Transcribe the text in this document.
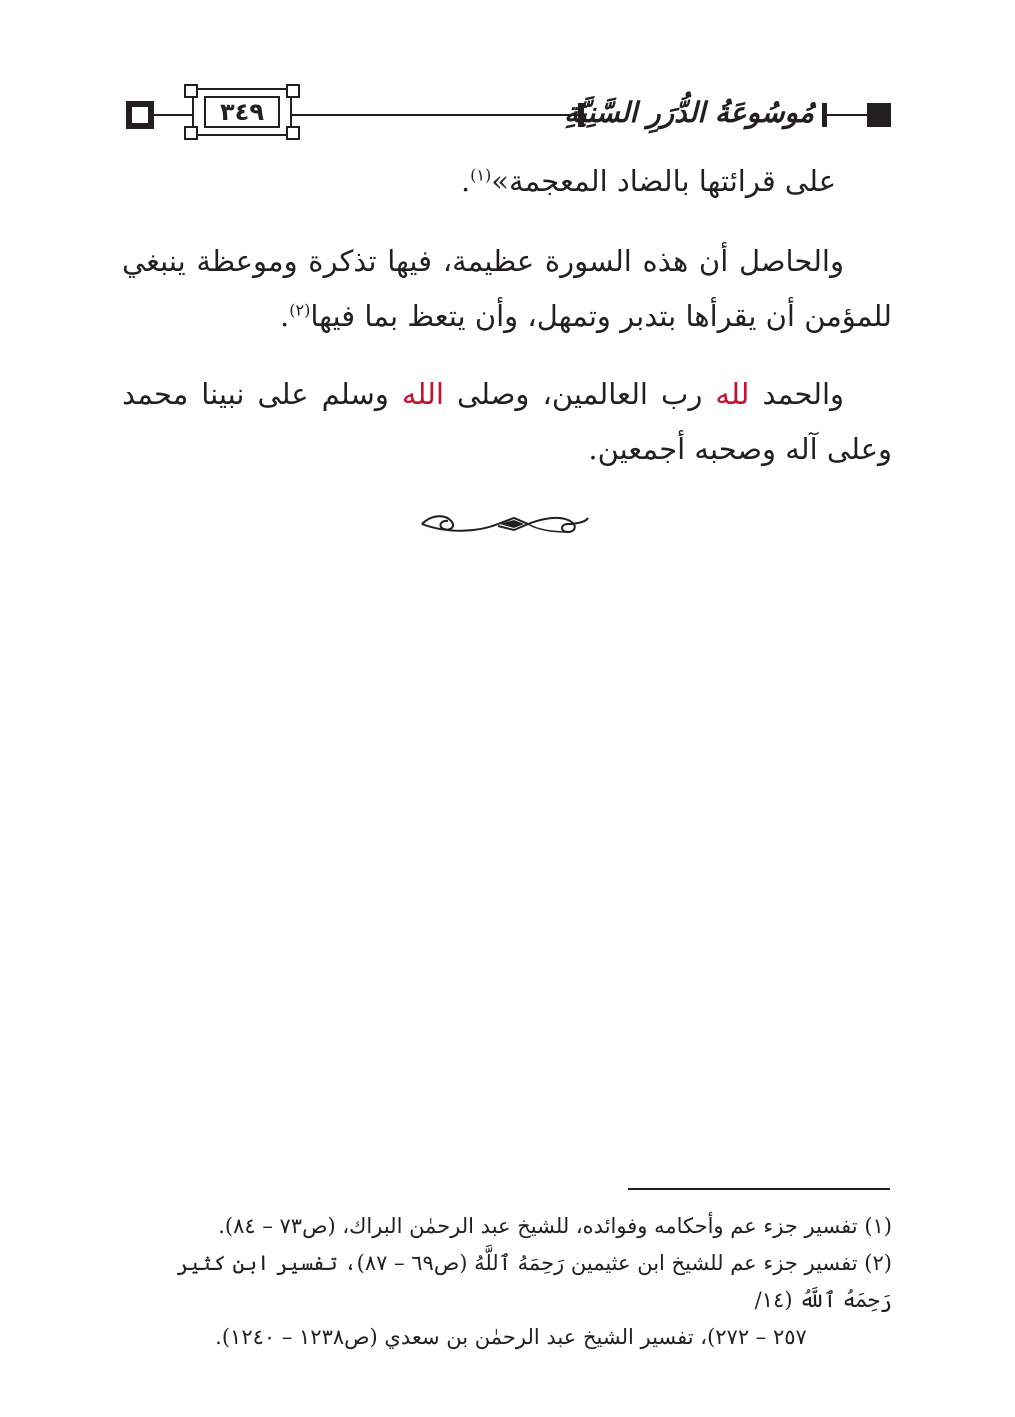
٣٤٩	مُوسُوعَةُ الدُّرَرِ السَّنِيَّةِ
على قرائتها بالضاد المعجمة»$^{(١)}$.
والحاصل أن هذه السورة عظيمة، فيها تذكرة وموعظة ينبغي للمؤمن أن يقرأها بتدبر وتمهل، وأن يتعظ بما فيها$^{(٢)}$.
والحمد لله رب العالمين، وصلى الله وسلم على نبينا محمد وعلى آله وصحبه أجمعين.

(١) تفسير جزء عم وأحكامه وفوائده، للشيخ عبد الرحمٰن البراك، (ص٧٣ – ٨٤).

(٢) تفسير جزء عم للشيخ ابن عثيمين رَحِمَهُ ٱللَّهُ (ص٦٩ – ٨٧)، تفسير ابن كثير رَحِمَهُ ٱللَّهُ (١٤/

٢٥٧ – ٢٧٢)، تفسير الشيخ عبد الرحمٰن بن سعدي (ص١٢٣٨ – ١٢٤٠).
